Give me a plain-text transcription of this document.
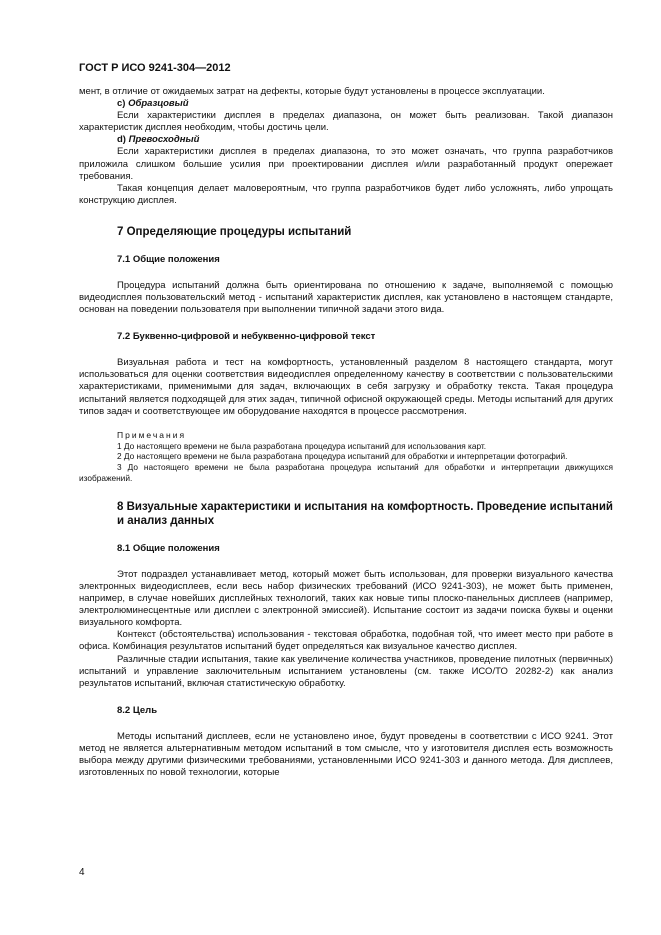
ГОСТ Р ИСО 9241-304—2012

мент, в отличие от ожидаемых затрат на дефекты, которые будут установлены в процессе эксплуатации.

c) Образцовый

Если характеристики дисплея в пределах диапазона, он может быть реализован. Такой диапазон характеристик дисплея необходим, чтобы достичь цели.

d) Превосходный

Если характеристики дисплея в пределах диапазона, то это может означать, что группа разработчиков приложила слишком большие усилия при проектировании дисплея и/или разработанный продукт опережает требования.

Такая концепция делает маловероятным, что группа разработчиков будет либо усложнять, либо упрощать конструкцию дисплея.

7 Определяющие процедуры испытаний
7.1 Общие положения

Процедура испытаний должна быть ориентирована по отношению к задаче, выполняемой с помощью видеодисплея пользовательский метод - испытаний характеристик дисплея, как установлено в настоящем стандарте, основан на поведении пользователя при выполнении типичной задачи этого вида.

7.2 Буквенно-цифровой и небуквенно-цифровой текст

Визуальная работа и тест на комфортность, установленный разделом 8 настоящего стандарта, могут использоваться для оценки соответствия видеодисплея определенному качеству в соответствии с пользовательскими характеристиками, применимыми для задач, включающих в себя загрузку и обработку текста. Такая процедура испытаний является подходящей для этих задач, типичной офисной окружающей среды. Методы испытаний для других типов задач и соответствующее им оборудование находятся в процессе рассмотрения.

Примечания

1 До настоящего времени не была разработана процедура испытаний для использования карт.

2 До настоящего времени не была разработана процедура испытаний для обработки и интерпретации фотографий.

3 До настоящего времени не была разработана процедура испытаний для обработки и интерпретации движущихся изображений.

8 Визуальные характеристики и испытания на комфортность. Проведение испытаний и анализ данных
8.1 Общие положения

Этот подраздел устанавливает метод, который может быть использован, для проверки визуального качества электронных видеодисплеев, если весь набор физических требований (ИСО 9241-303), не может быть применен, например, в случае новейших дисплейных технологий, таких как новые типы плоско-панельных дисплеев (например, электролюминесцентные или дисплеи с электронной эмиссией). Испытание состоит из задачи поиска буквы и оценки визуального комфорта.

Контекст (обстоятельства) использования - текстовая обработка, подобная той, что имеет место при работе в офиса. Комбинация результатов испытаний будет определяться как визуальное качество дисплея.

Различные стадии испытания, такие как увеличение количества участников, проведение пилотных (первичных) испытаний и управление заключительным испытанием установлены (см. также ИСО/ТО 20282-2) как анализ результатов испытаний, включая статистическую обработку.

8.2 Цель

Методы испытаний дисплеев, если не установлено иное, будут проведены в соответствии с ИСО 9241. Этот метод не является альтернативным методом испытаний в том смысле, что у изготовителя дисплея есть возможность выбора между другими физическими требованиями, установленными ИСО 9241-303 и данного метода. Для дисплеев, изготовленных по новой технологии, которые

4
